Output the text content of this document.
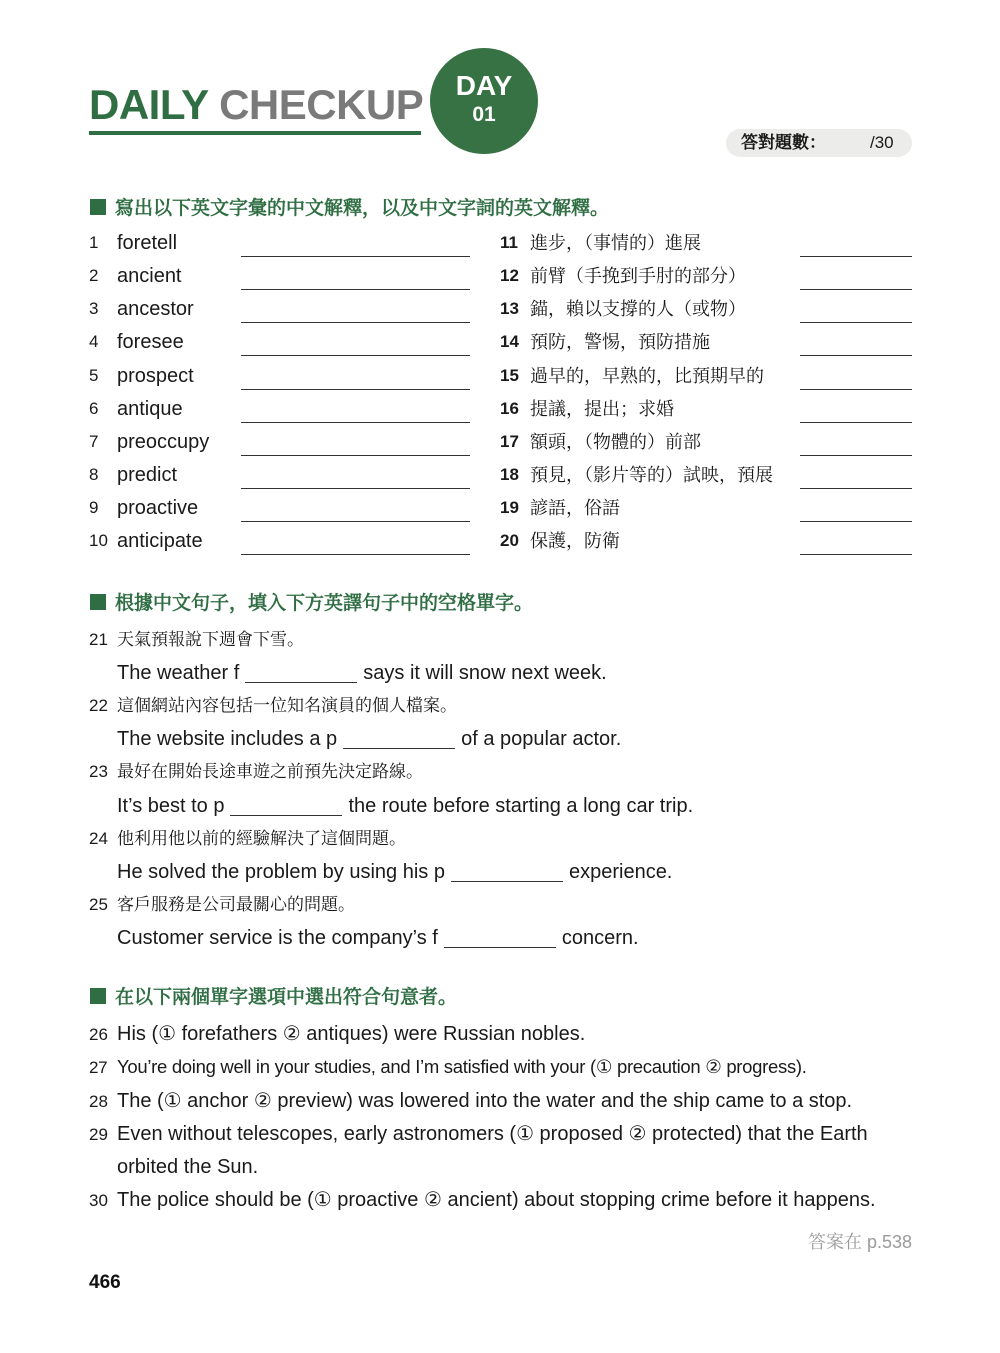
DAILY CHECKUP	DAY
01
答對題數：	/30
寫出以下英文字彙的中文解釋，以及中文字詞的英文解釋。
1 foretell
2 ancient
3 ancestor
4 foresee
5 prospect
6 antique
7 preoccupy
8 predict
9 proactive
10 anticipate
11 進步，（事情的）進展
12 前臂（手挽到手肘的部分）
13 錨，賴以支撐的人（或物）
14 預防，警惕，預防措施
15 過早的，早熟的，比預期早的
16 提議，提出；求婚
17 額頭，（物體的）前部
18 預見，（影片等的）試映，預展
19 諺語，俗語
20 保護，防衛
根據中文句子，填入下方英譯句子中的空格單字。
21 天氣預報說下週會下雪。
The weather f	says it will snow next week.
22 這個網站內容包括一位知名演員的個人檔案。
The website includes a p	of a popular actor.
23 最好在開始長途車遊之前預先決定路線。
It’s best to p	the route before starting a long car trip.
24 他利用他以前的經驗解決了這個問題。
He solved the problem by using his p	experience.
25 客戶服務是公司最關心的問題。
Customer service is the company’s f	concern.
在以下兩個單字選項中選出符合句意者。
26 His (① forefathers ② antiques) were Russian nobles.
27 You’re doing well in your studies, and I’m satisfied with your (① precaution ② progress).
28 The (① anchor ② preview) was lowered into the water and the ship came to a stop.
29 Even without telescopes, early astronomers (① proposed ② protected) that the Earth
orbited the Sun.
30 The police should be (① proactive ② ancient) about stopping crime before it happens.
答案在 p.538
466
